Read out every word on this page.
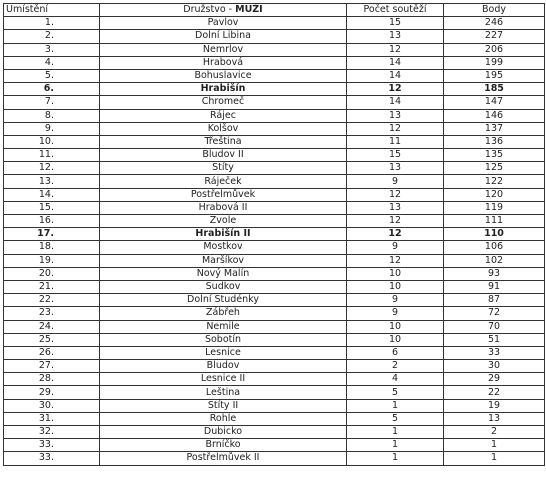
Umístění	Družstvo - MUŽI	Počet soutěží	Body
1.	Pavlov	15	246
2.	Dolní Libina	13	227
3.	Nemrlov	12	206
4.	Hrabová	14	199
5.	Bohuslavice	14	195
6.	Hrabišín	12	185
7.	Chromeč	14	147
8.	Rájec	13	146
9.	Kolšov	12	137
10.	Třeština	11	136
11.	Bludov II	15	135
12.	Štíty	13	125
13.	Ráječek	9	122
14.	Postřelmůvek	12	120
15.	Hrabová II	13	119
16.	Zvole	12	111
17.	Hrabišín II	12	110
18.	Mostkov	9	106
19.	Maršíkov	12	102
20.	Nový Malín	10	93
21.	Sudkov	10	91
22.	Dolní Studénky	9	87
23.	Zábřeh	9	72
24.	Nemile	10	70
25.	Sobotín	10	51
26.	Lesnice	6	33
27.	Bludov	2	30
28.	Lesnice II	4	29
29.	Leština	5	22
30.	Štíty II	1	19
31.	Rohle	5	13
32.	Dubicko	1	2
33.	Brníčko	1	1
33.	Postřelmůvek II	1	1
